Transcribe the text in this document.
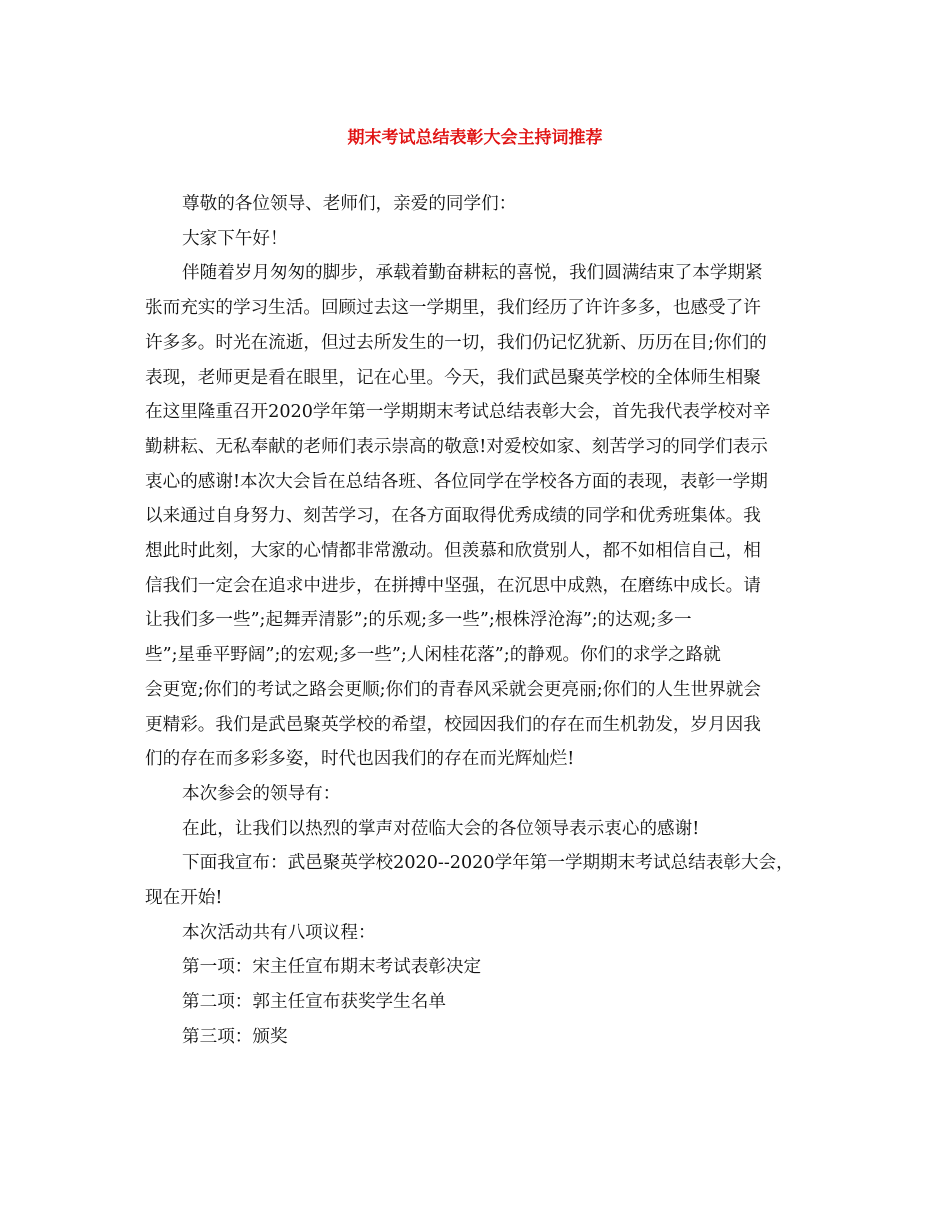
期末考试总结表彰大会主持词推荐

尊敬的各位领导、老师们，亲爱的同学们：

大家下午好！

伴随着岁月匆匆的脚步，承载着勤奋耕耘的喜悦，我们圆满结束了本学期紧
张而充实的学习生活。回顾过去这一学期里，我们经历了许许多多，也感受了许
许多多。时光在流逝，但过去所发生的一切，我们仍记忆犹新、历历在目;你们的
表现，老师更是看在眼里，记在心里。今天，我们武邑聚英学校的全体师生相聚
在这里隆重召开2020学年第一学期期末考试总结表彰大会，首先我代表学校对辛
勤耕耘、无私奉献的老师们表示崇高的敬意!对爱校如家、刻苦学习的同学们表示
衷心的感谢!本次大会旨在总结各班、各位同学在学校各方面的表现，表彰一学期
以来通过自身努力、刻苦学习，在各方面取得优秀成绩的同学和优秀班集体。我
想此时此刻，大家的心情都非常激动。但羡慕和欣赏别人，都不如相信自己，相
信我们一定会在追求中进步，在拼搏中坚强，在沉思中成熟，在磨练中成长。请
让我们多一些”;起舞弄清影”;的乐观;多一些”;根株浮沧海”;的达观;多一
些”;星垂平野阔”;的宏观;多一些”;人闲桂花落”;的静观。你们的求学之路就
会更宽;你们的考试之路会更顺;你们的青春风采就会更亮丽;你们的人生世界就会
更精彩。我们是武邑聚英学校的希望，校园因我们的存在而生机勃发，岁月因我
们的存在而多彩多姿，时代也因我们的存在而光辉灿烂!

本次参会的领导有：

在此，让我们以热烈的掌声对莅临大会的各位领导表示衷心的感谢!

下面我宣布：武邑聚英学校2020--2020学年第一学期期末考试总结表彰大会，
现在开始!

本次活动共有八项议程：

第一项：宋主任宣布期末考试表彰决定

第二项：郭主任宣布获奖学生名单

第三项：颁奖
